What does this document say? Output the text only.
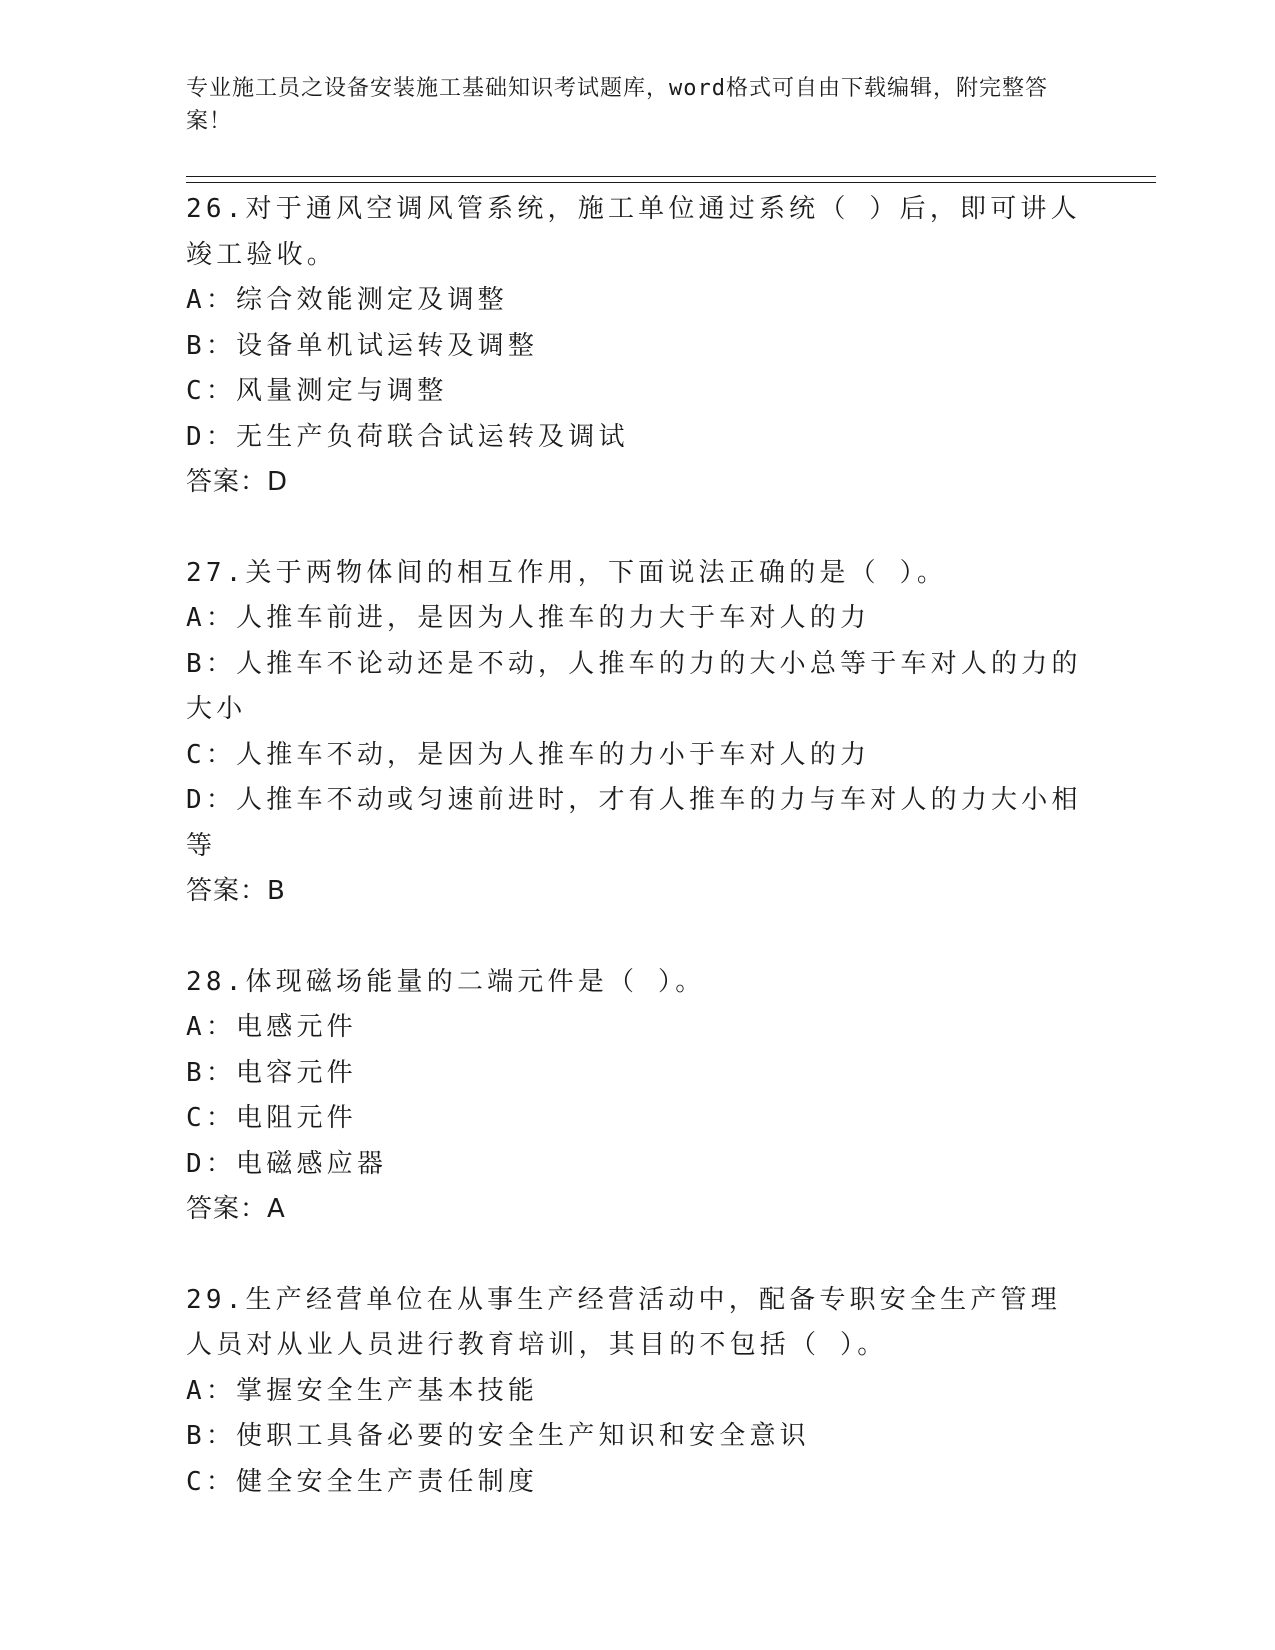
专业施工员之设备安装施工基础知识考试题库，word格式可自由下载编辑，附完整答案！
26.对于通风空调风管系统，施工单位通过系统（ ）后，即可讲人竣工验收。
A：综合效能测定及调整
B：设备单机试运转及调整
C：风量测定与调整
D：无生产负荷联合试运转及调试
答案：D
27.关于两物体间的相互作用，下面说法正确的是（ ）。
A：人推车前进，是因为人推车的力大于车对人的力
B：人推车不论动还是不动，人推车的力的大小总等于车对人的力的大小
C：人推车不动，是因为人推车的力小于车对人的力
D：人推车不动或匀速前进时，才有人推车的力与车对人的力大小相等
答案：B
28.体现磁场能量的二端元件是（ ）。
A：电感元件
B：电容元件
C：电阻元件
D：电磁感应器
答案：A
29.生产经营单位在从事生产经营活动中，配备专职安全生产管理人员对从业人员进行教育培训，其目的不包括（ ）。
A：掌握安全生产基本技能
B：使职工具备必要的安全生产知识和安全意识
C：健全安全生产责任制度
